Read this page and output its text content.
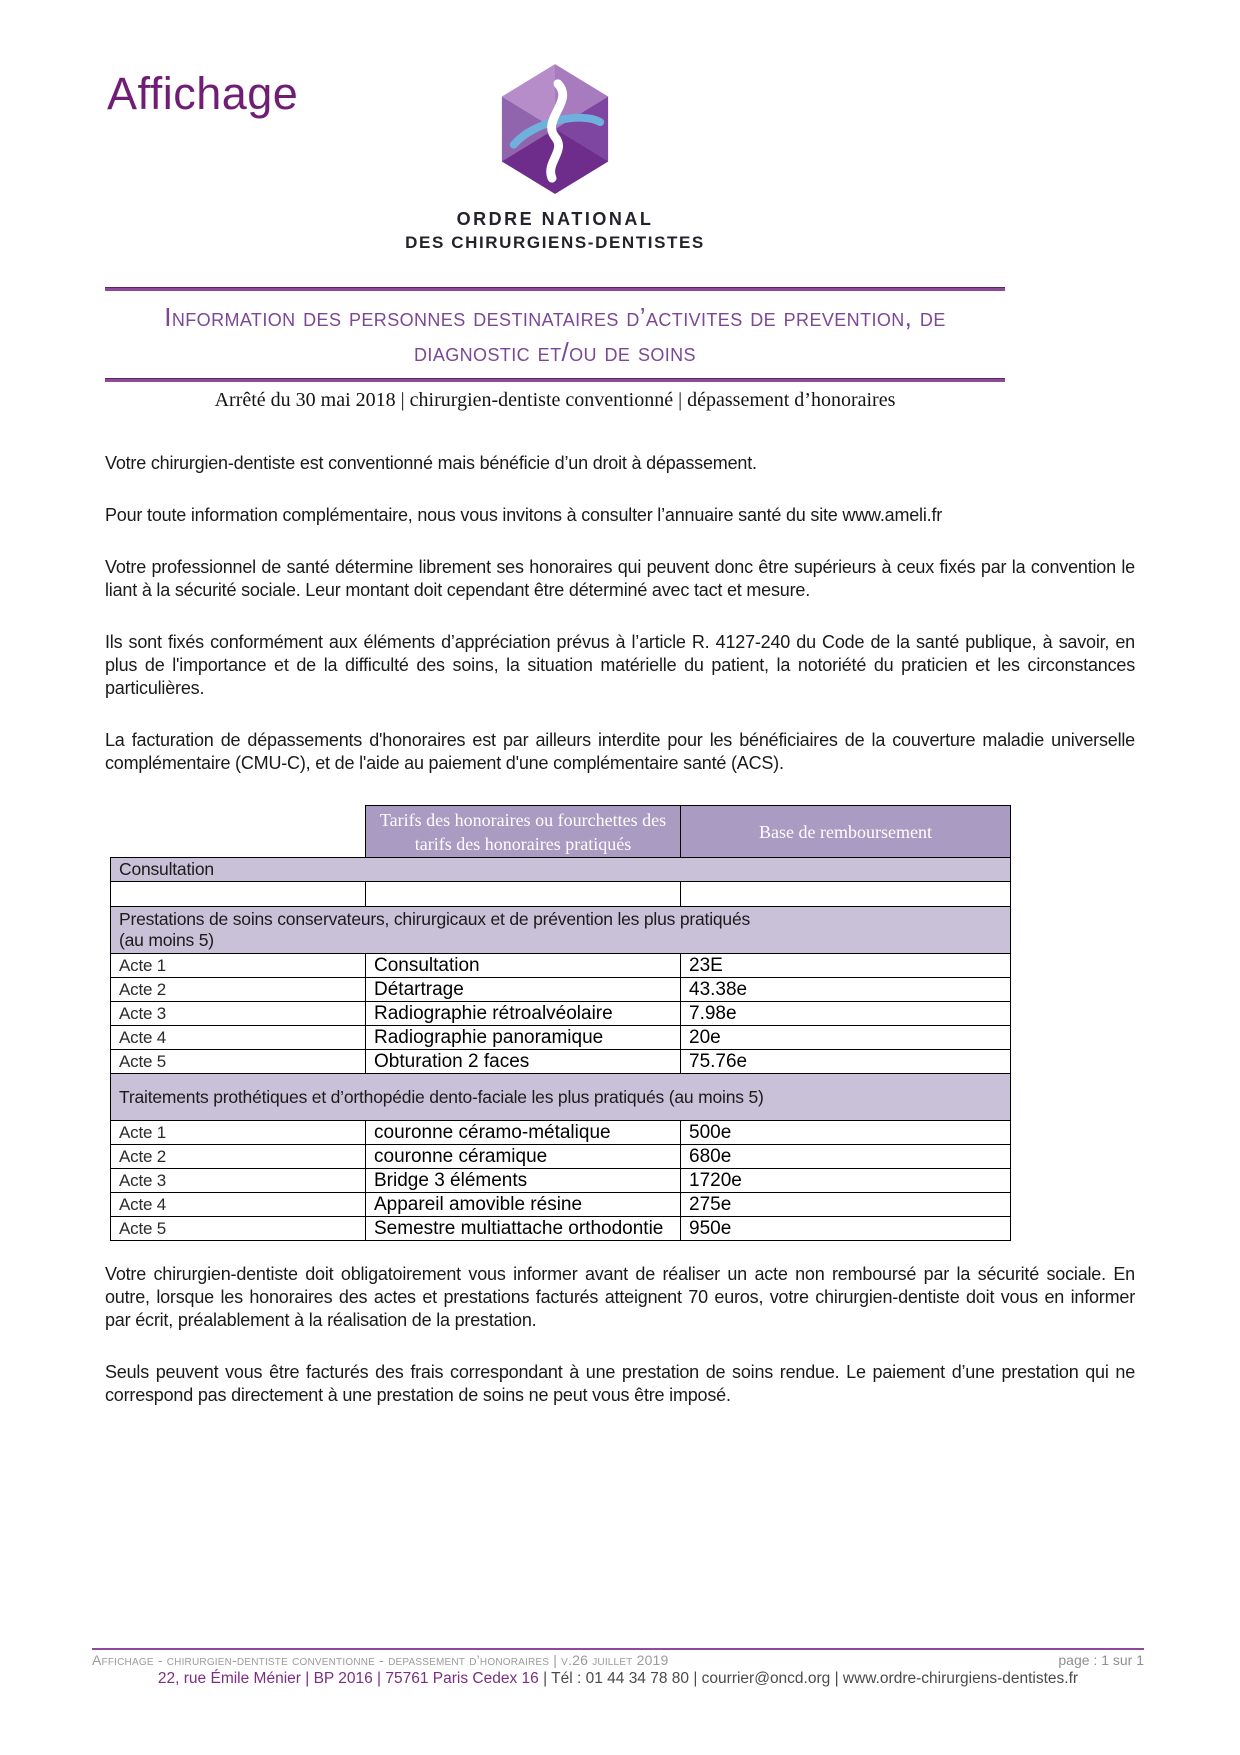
Affichage
ORDRE NATIONAL
DES CHIRURGIENS-DENTISTES
Information des personnes destinataires d’activites de prevention, de
diagnostic et/ou de soins
Arrêté du 30 mai 2018 | chirurgien-dentiste conventionné | dépassement d’honoraires

Votre chirurgien-dentiste est conventionné mais bénéficie d’un droit à dépassement.

Pour toute information complémentaire, nous vous invitons à consulter l’annuaire santé du site www.ameli.fr

Votre professionnel de santé détermine librement ses honoraires qui peuvent donc être supérieurs à ceux fixés par la convention le liant à la sécurité sociale. Leur montant doit cependant être déterminé avec tact et mesure.

Ils sont fixés conformément aux éléments d’appréciation prévus à l’article R. 4127-240 du Code de la santé publique, à savoir, en plus de l'importance et de la difficulté des soins, la situation matérielle du patient, la notoriété du praticien et les circonstances particulières.

La facturation de dépassements d'honoraires est par ailleurs interdite pour les bénéficiaires de la couverture maladie universelle complémentaire (CMU-C), et de l'aide au paiement d'une complémentaire santé (ACS).

	Tarifs des honoraires ou fourchettes des tarifs des honoraires pratiqués	Base de remboursement
Consultation		

Prestations de soins conservateurs, chirurgicaux et de prévention les plus pratiqués
(au moins 5)		

Acte 1	Consultation	23E
Acte 2	Détartrage	43.38e
Acte 3	Radiographie rétroalvéolaire	7.98e
Acte 4	Radiographie panoramique	20e
Acte 5	Obturation 2 faces	75.76e
Traitements prothétiques et d’orthopédie dento-faciale les plus pratiqués (au moins 5)		
Acte 1	couronne céramo-métalique	500e
Acte 2	couronne céramique	680e
Acte 3	Bridge 3 éléments	1720e
Acte 4	Appareil amovible résine	275e
Acte 5	Semestre multiattache orthodontie	950e

Votre chirurgien-dentiste doit obligatoirement vous informer avant de réaliser un acte non remboursé par la sécurité sociale. En outre, lorsque les honoraires des actes et prestations facturés atteignent 70 euros, votre chirurgien-dentiste doit vous en informer par écrit, préalablement à la réalisation de la prestation.

Seuls peuvent vous être facturés des frais correspondant à une prestation de soins rendue. Le paiement d’une prestation qui ne correspond pas directement à une prestation de soins ne peut vous être imposé.

Affichage - chirurgien-dentiste conventionne - depassement d’honoraires | v.26 juillet 2019	page : 1 sur 1
22, rue Émile Ménier | BP 2016 | 75761 Paris Cedex 16 | Tél : 01 44 34 78 80 | courrier@oncd.org | www.ordre-chirurgiens-dentistes.fr
